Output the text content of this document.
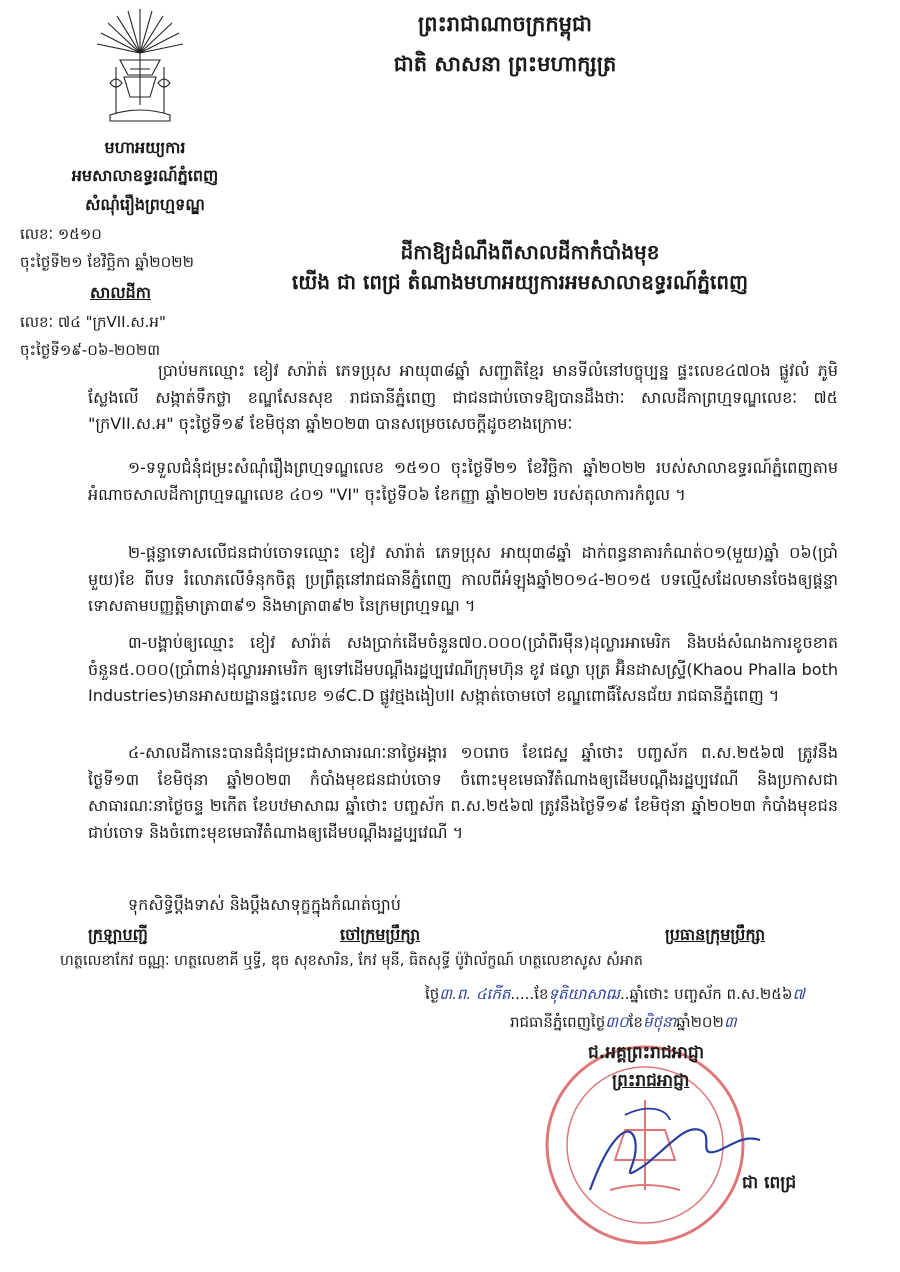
ព្រះរាជាណាចក្រកម្ពុជា
ជាតិ សាសនា ព្រះមហាក្សត្រ
មហាអយ្យការ
អមសាលាឧទ្ធរណ៍ភ្នំពេញ
សំណុំរឿងព្រហ្មទណ្ឌ
លេខៈ ១៥១០
ចុះថ្ងៃទី២១ ខែវិច្ឆិកា ឆ្នាំ២០២២
សាលដីកា
លេខៈ ៧៤ "ក្រVII.ស.អ"
ចុះថ្ងៃទី១៩-០៦-២០២៣
ដីកាឱ្យដំណឹងពីសាលដីកាកំបាំងមុខ
យើង ជា ពេជ្រ តំណាងមហាអយ្យការអមសាលាឧទ្ធរណ៍ភ្នំពេញ
ប្រាប់មកឈ្មោះ ខៀវ សារ៉ាត់ ភេទប្រុស អាយុ៣៨ឆ្នាំ សញ្ជាតិខ្មែរ មានទីលំនៅបច្ចុប្បន្ន ផ្ទះលេខ៤៧០ង ផ្លូវលំ ភូមិស្លែងលើ សង្កាត់ទឹកថ្លា ខណ្ឌសែនសុខ រាជធានីភ្នំពេញ ជាជនជាប់ចោទឱ្យបានដឹងថាៈ សាលដីកាព្រហ្មទណ្ឌលេខៈ ៧៥ "ក្រVII.ស.អ" ចុះថ្ងៃទី១៩ ខែមិថុនា ឆ្នាំ២០២៣ បានសម្រេចសេចក្ដីដូចខាងក្រោមៈ
១-ទទួលជំនុំជម្រះសំណុំរឿងព្រហ្មទណ្ឌលេខ ១៥១០ ចុះថ្ងៃទី២១ ខែវិច្ឆិកា ឆ្នាំ២០២២ របស់សាលាឧទ្ធរណ៍ភ្នំពេញតាមអំណាចសាលដីកាព្រហ្មទណ្ឌលេខ ៤០១ "VI" ចុះថ្ងៃទី០៦ ខែកញ្ញា ឆ្នាំ២០២២ របស់តុលាការកំពូល ។
២-ផ្តន្ទាទោសលើជនជាប់ចោទឈ្មោះ ខៀវ សារ៉ាត់ ភេទប្រុស អាយុ៣៨ឆ្នាំ ដាក់ពន្ធនាគារកំណត់០១(មួយ)ឆ្នាំ ០៦(ប្រាំមួយ)ខែ ពីបទ រំលោភលើទំនុកចិត្ត ប្រព្រឹត្តនៅរាជធានីភ្នំពេញ កាលពីអំឡុងឆ្នាំ២០១៤-២០១៥ បទល្មើសដែលមានចែងឲ្យផ្តន្ទាទោសតាមបញ្ញត្តិមាត្រា៣៩១ និងមាត្រា៣៩២ នៃក្រមព្រហ្មទណ្ឌ ។
៣-បង្គាប់ឲ្យឈ្មោះ ខៀវ សារ៉ាត់ សងប្រាក់ដើមចំនួន៧០.០០០(ប្រាំពីរម៉ឺន)ដុល្លារអាមេរិក និងបង់សំណងការខូចខាតចំនួន៥.០០០(ប្រាំពាន់)ដុល្លារអាមេរិក ឲ្យទៅដើមបណ្តឹងរដ្ឋប្បវេណីក្រុមហ៊ុន ខូវ ផល្លា បុត្រ អ៊ិនដាសស្ទ្រី(Khaou Phalla both Industries)មានអាសយដ្ឋានផ្ទះលេខ ១៨C.D ផ្លូវថ្មងងៀបII សង្កាត់ចោមចៅ ខណ្ឌពោធិ៍សែនជ័យ រាជធានីភ្នំពេញ ។
៤-សាលដីកានេះបានជំនុំជម្រះជាសាធារណៈនាថ្ងៃអង្គារ ១០រោច ខែជេស្ឋ ឆ្នាំថោះ បញ្ចស័ក ព.ស.២៥៦៧ ត្រូវនឹងថ្ងៃទី១៣ ខែមិថុនា ឆ្នាំ២០២៣ កំបាំងមុខជនជាប់ចោទ ចំពោះមុខមេធាវីតំណាងឲ្យដើមបណ្តឹងរដ្ឋប្បវេណី និងប្រកាសជាសាធារណៈនាថ្ងៃចន្ទ ២កើត ខែបឋមាសាឍ ឆ្នាំថោះ បញ្ចស័ក ព.ស.២៥៦៧ ត្រូវនឹងថ្ងៃទី១៩ ខែមិថុនា ឆ្នាំ២០២៣ កំបាំងមុខជនជាប់ចោទ និងចំពោះមុខមេធាវីតំណាងឲ្យដើមបណ្តឹងរដ្ឋប្បវេណី ។
ទុកសិទ្ធិប្តឹងទាស់ និងប្តឹងសាទុក្ខក្នុងកំណត់ច្បាប់
ក្រឡាបញ្ជី	ចៅក្រមប្រឹក្សា	ប្រធានក្រុមប្រឹក្សា
ហត្ថលេខាកែវ ចណ្ណៈ ហត្ថលេខាគី ឬទ្ធី, ឌុច សុខសារិន, កែវ មុនី, ធិតសុទ្ធី ប៉ូវ៉ាល័ក្ខណ៍ ហត្ថលេខាសូស សំអាត
ថ្ងៃ៣.ព. ៤កើត.....ខែទុតិយាសាឍ..ឆ្នាំថោះ បញ្ចស័ក ព.ស.២៥៦៧
រាជធានីភ្នំពេញថ្ងៃ៣០ខែមិថុនាឆ្នាំ២០២៣
ជ.អគ្គព្រះរាជអាជ្ញា
ព្រះរាជអាជ្ញា
ជា ពេជ្រ
